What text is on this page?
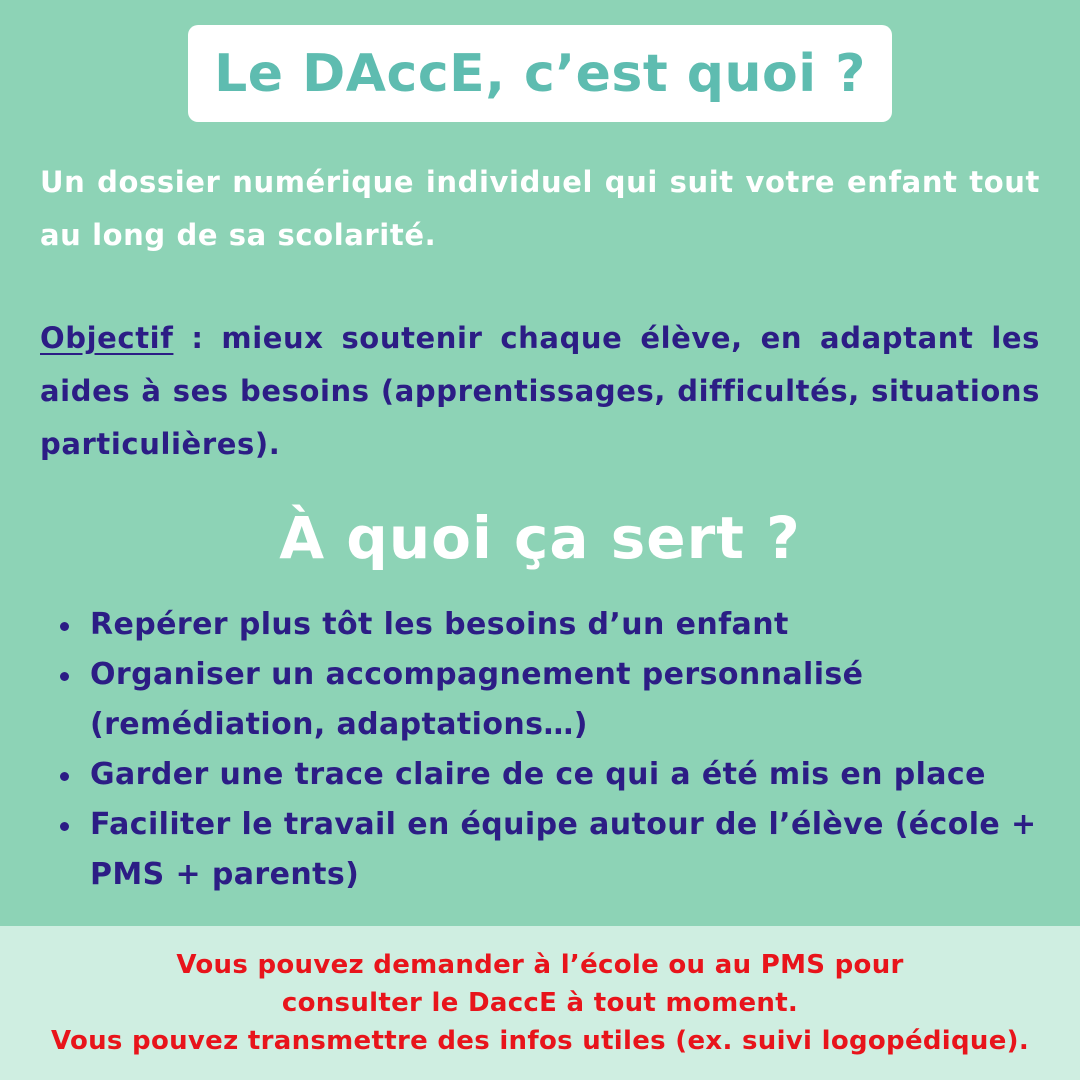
Le DAccE, c’est quoi ?

Un dossier numérique individuel qui suit votre enfant tout au long de sa scolarité.

Objectif : mieux soutenir chaque élève, en adaptant les aides à ses besoins (apprentissages, difficultés, situations particulières).

À quoi ça sert ?
Repérer plus tôt les besoins d’un enfant
Organiser un accompagnement personnalisé (remédiation, adaptations…)
Garder une trace claire de ce qui a été mis en place
Faciliter le travail en équipe autour de l’élève (école + PMS + parents)
Vous pouvez demander à l’école ou au PMS pour
consulter le DaccE à tout moment.
Vous pouvez transmettre des infos utiles (ex. suivi logopédique).
